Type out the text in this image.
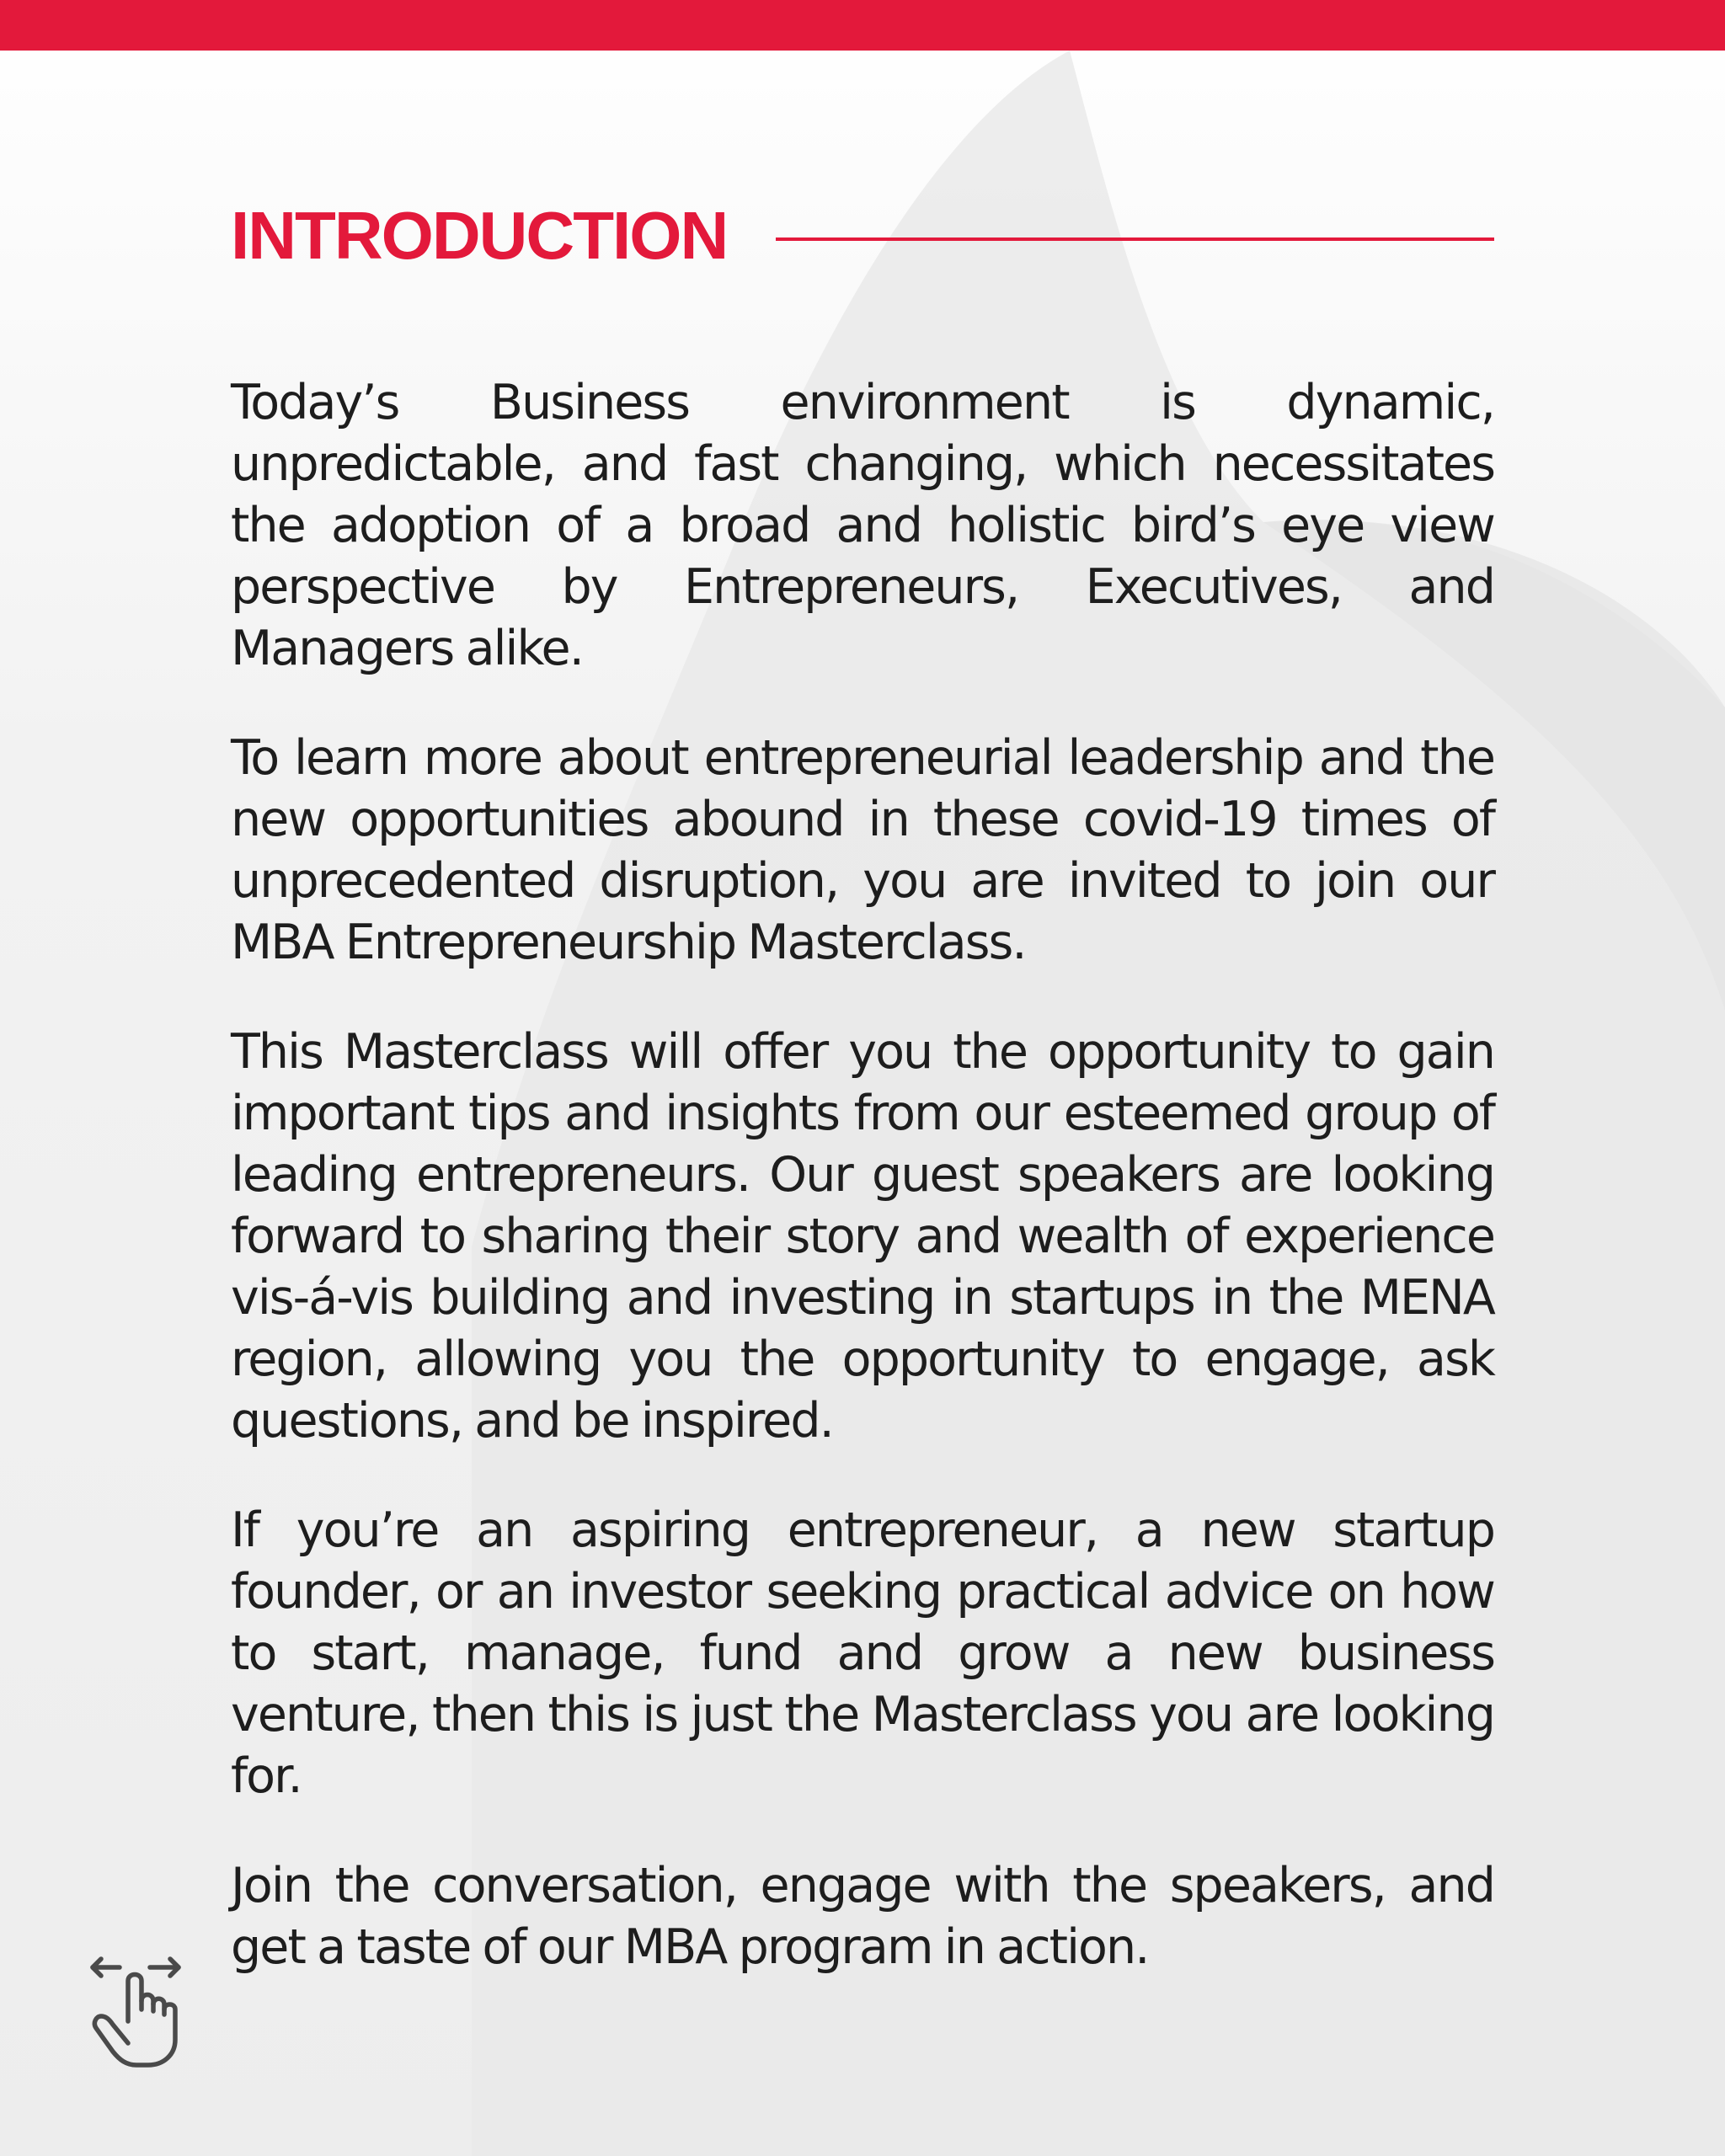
INTRODUCTION

Today’s Business environment is dynamic, unpredictable, and fast changing, which necessitates the adoption of a broad and holistic bird’s eye view perspective by Entrepreneurs, Executives, and Managers alike.

To learn more about entrepreneurial leadership and the new opportunities abound in these covid-19 times of unprecedented disruption, you are invited to join our MBA Entrepreneurship Masterclass.

This Masterclass will offer you the opportunity to gain important tips and insights from our esteemed group of leading entrepreneurs. Our guest speakers are looking forward to sharing their story and wealth of experience vis-á-vis building and investing in startups in the MENA region, allowing you the opportunity to engage, ask questions, and be inspired.

If you’re an aspiring entrepreneur, a new startup founder, or an investor seeking practical advice on how to start, manage, fund and grow a new business venture, then this is just the Masterclass you are looking for.

Join the conversation, engage with the speakers, and get a taste of our MBA program in action.
